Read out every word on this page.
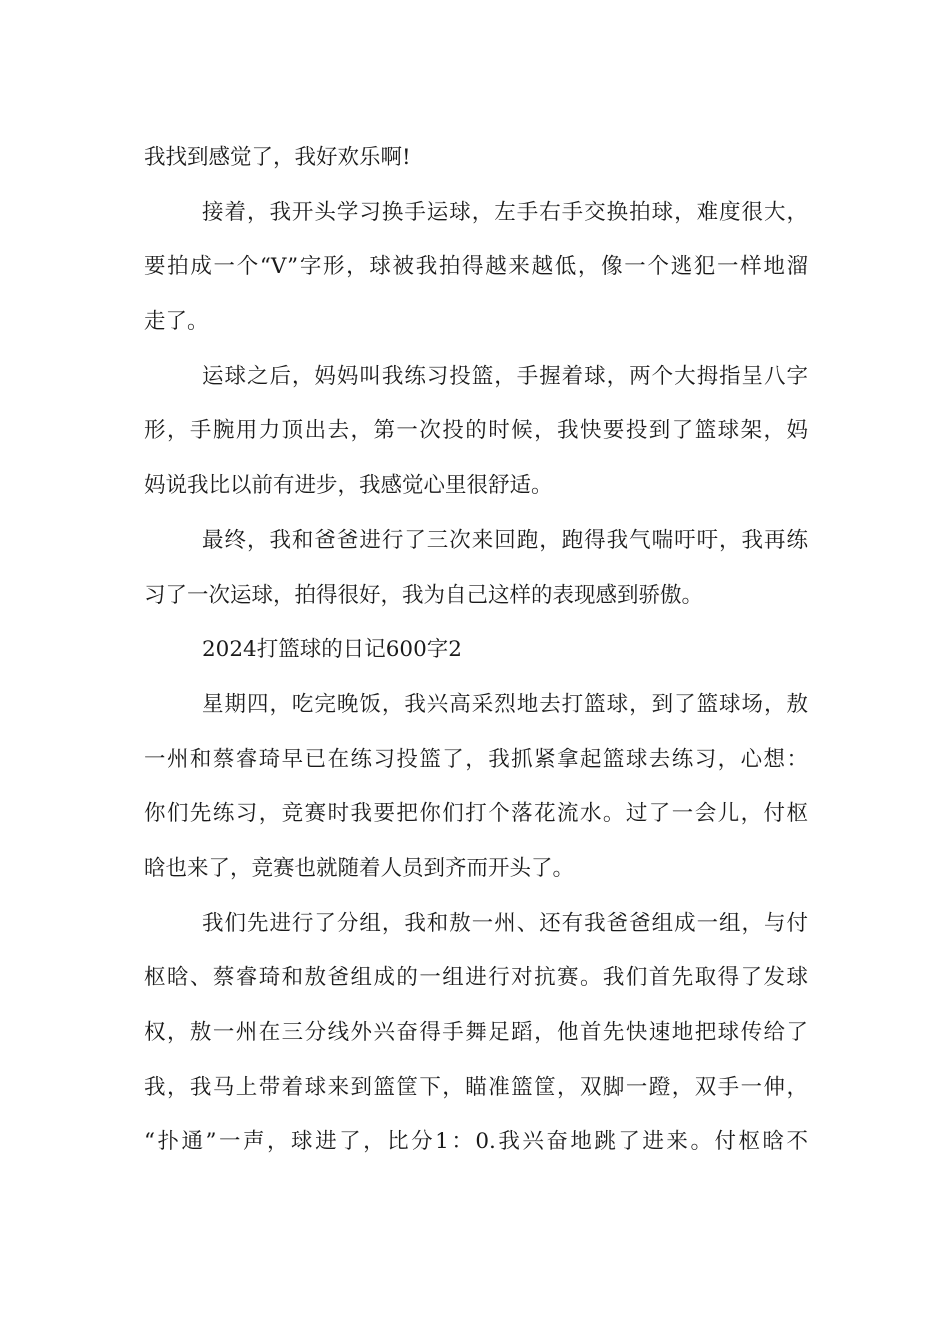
我找到感觉了，我好欢乐啊!
接着，我开头学习换手运球，左手右手交换拍球，难度很大，
要拍成一个“V”字形，球被我拍得越来越低，像一个逃犯一样地溜
走了。
运球之后，妈妈叫我练习投篮，手握着球，两个大拇指呈八字
形，手腕用力顶出去，第一次投的时候，我快要投到了篮球架，妈
妈说我比以前有进步，我感觉心里很舒适。
最终，我和爸爸进行了三次来回跑，跑得我气喘吁吁，我再练
习了一次运球，拍得很好，我为自己这样的表现感到骄傲。
2024打篮球的日记600字2
星期四，吃完晚饭，我兴高采烈地去打篮球，到了篮球场，敖
一州和蔡睿琦早已在练习投篮了，我抓紧拿起篮球去练习，心想：
你们先练习，竞赛时我要把你们打个落花流水。过了一会儿，付枢
晗也来了，竞赛也就随着人员到齐而开头了。
我们先进行了分组，我和敖一州、还有我爸爸组成一组，与付
枢晗、蔡睿琦和敖爸组成的一组进行对抗赛。我们首先取得了发球
权，敖一州在三分线外兴奋得手舞足蹈，他首先快速地把球传给了
我，我马上带着球来到篮筐下，瞄准篮筐，双脚一蹬，双手一伸，
“扑通”一声，球进了，比分1：0.我兴奋地跳了进来。付枢晗不
